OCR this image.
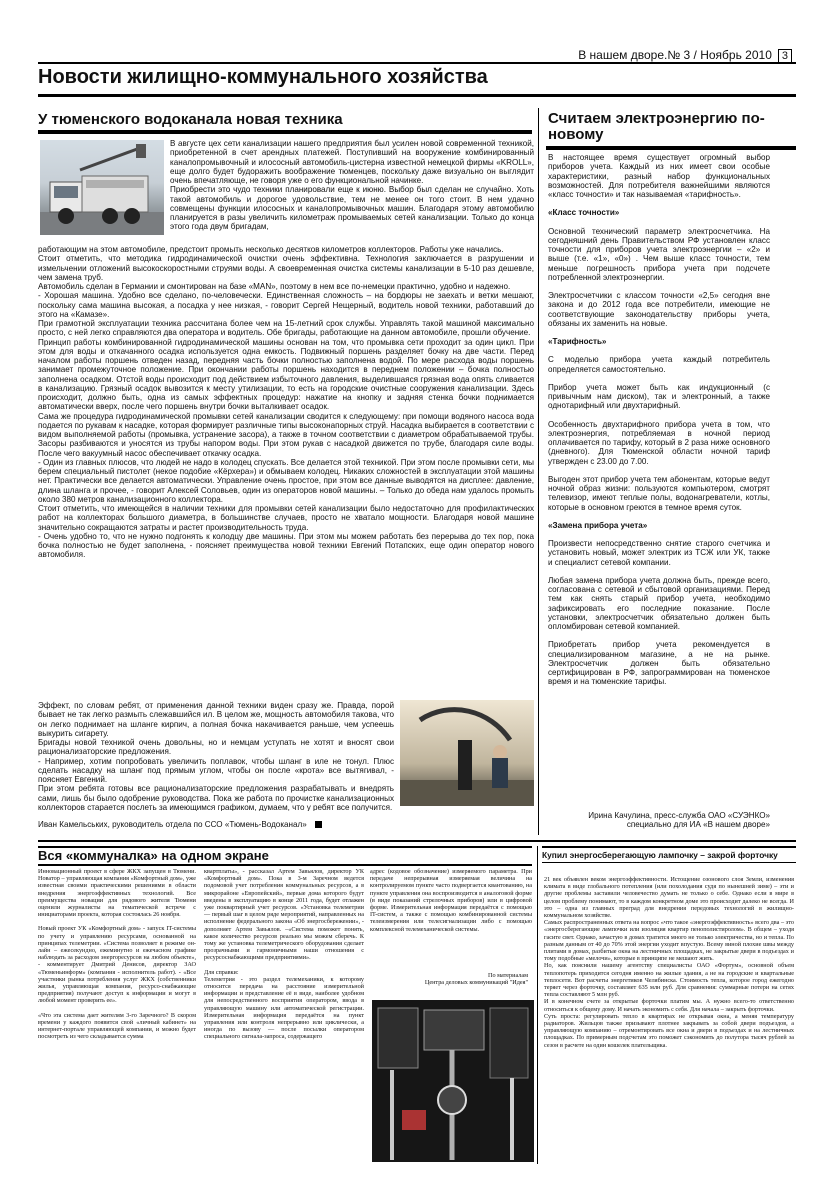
В нашем дворе.№ 3 / Ноябрь 2010 3
Новости жилищно-коммунального хозяйства
У тюменского водоканала новая техника

В августе цех сети канализации нашего предприятия был усилен новой современной техникой, приобретенной в счет арендных платежей. Поступивший на вооружение комбинированный каналопромывочный и илососный автомобиль-цистерна известной немецкой фирмы «KROLL», еще долго будет будоражить воображение тюменцев, поскольку даже визуально он выглядит очень впечатляюще, не говоря уже о его функциональной начинке.

Приобрести это чудо техники планировали еще к июню. Выбор был сделан не случайно. Хоть такой автомобиль и дорогое удовольствие, тем не менее он того стоит. В нем удачно совмещены функции илососных и каналопромывочных машин. Благодаря этому автомобилю планируется в разы увеличить километраж промываемых сетей канализации. Только до конца этого года двум бригадам,

работающим на этом автомобиле, предстоит промыть несколько десятков километров коллекторов. Работы уже начались.

Стоит отметить, что методика гидродинамической очистки очень эффективна. Технология заключается в разрушении и измельчении отложений высокоскоростными струями воды. А своевременная очистка системы канализации в 5-10 раз дешевле, чем замена труб.

Автомобиль сделан в Германии и смонтирован на базе «MAN», поэтому в нем все по-немецки практично, удобно и надежно.

- Хорошая машина. Удобно все сделано, по-человечески. Единственная сложность – на бордюры не заехать и ветки мешают, поскольку сама машина высокая, а посадка у нее низкая, - говорит Сергей Нещерный, водитель новой техники, работавший до этого на «Камазе».

При грамотной эксплуатации техника рассчитана более чем на 15-летний срок службы. Управлять такой машиной максимально просто, с ней легко справляются два оператора и водитель. Обе бригады, работающие на данном автомобиле, прошли обучение.

Принцип работы комбинированной гидродинамической машины основан на том, что промывка сети проходит за один цикл. При этом для воды и откачанного осадка используется одна емкость. Подвижный поршень разделяет бочку на две части. Перед началом работы поршень отведен назад, передняя часть бочки полностью заполнена водой. По мере расхода воды поршень занимает промежуточное положение. При окончании работы поршень находится в переднем положении – бочка полностью заполнена осадком. Отстой воды происходит под действием избыточного давления, выделившаяся грязная вода опять сливается в канализацию. Грязный осадок вывозится к месту утилизации, то есть на городские очистные сооружения канализации. Здесь происходит, должно быть, одна из самых эффектных процедур: нажатие на кнопку и задняя стенка бочки поднимается автоматически вверх, после чего поршень внутри бочки выталкивает осадок.

Сама же процедура гидродинамической промывки сетей канализации сводится к следующему: при помощи водяного насоса вода подается по рукавам к насадке, которая формирует различные типы высоконапорных струй. Насадка выбирается в соответствии с видом выполняемой работы (промывка, устранение засора), а также в точном соответствии с диаметром обрабатываемой трубы. Засоры разбиваются и уносятся из трубы напором воды. При этом рукав с насадкой движется по трубе, благодаря силе воды. После чего вакуумный насос обеспечивает откачку осадка.

- Один из главных плюсов, что людей не надо в колодец спускать. Все делается этой техникой. При этом после промывки сети, мы берем специальный пистолет (некое подобие «Кёрхера») и обмываем колодец. Никаких сложностей в эксплуатации этой машины нет. Практически все делается автоматически. Управление очень простое, при этом все данные выводятся на дисплее: давление, длина шланга и прочее, - говорит Алексей Соловьев, один из операторов новой машины. – Только до обеда нам удалось промыть около 380 метров канализационного коллектора.

Стоит отметить, что имеющейся в наличии техники для промывки сетей канализации было недостаточно для профилактических работ на коллекторах большого диаметра, в большинстве случаев, просто не хватало мощности. Благодаря новой машине значительно сокращаются затраты и растет производительность труда.

- Очень удобно то, что не нужно подгонять к колодцу две машины. При этом мы можем работать без перерыва до тех пор, пока бочка полностью не будет заполнена, - поясняет преимущества новой техники Евгений Потапских, еще один оператор нового автомобиля.

Эффект, по словам ребят, от применения данной техники виден сразу же. Правда, порой бывает не так легко размыть слежавшийся ил. В целом же, мощность автомобиля такова, что он легко поднимает на шланге кирпич, а полная бочка накачивается раньше, чем успеешь выкурить сигарету.

Бригады новой техникой очень довольны, но и немцам уступать не хотят и вносят свои рационализаторские предложения.

- Например, хотим попробовать увеличить поплавок, чтобы шланг в иле не тонул. Плюс сделать насадку на шланг под прямым углом, чтобы он после «крота» все вытягивал, - поясняет Евгений.

При этом ребята готовы все рационализаторские предложения разрабатывать и внедрять сами, лишь бы было одобрение руководства. Пока же работа по прочистке канализационных коллекторов старается послеть за имеющимся графиком, думаем, что у ребят все получится.

Иван Камельських, руководитель отдела по ССО «Тюмень-Водоканал»
Считаем электроэнергию по-новому

В настоящее время существует огромный выбор приборов учета. Каждый из них имеет свои особые характеристики, разный набор функциональных возможностей. Для потребителя важнейшими являются «класс точности» и так называемая «тарифность».

«Класс точности»

Основной технический параметр электросчетчика. На сегодняшний день Правительством РФ установлен класс точности для приборов учета электроэнергии – «2» и выше (т.е. «1», «0») . Чем выше класс точности, тем меньше погрешность прибора учета при подсчете потребленной электроэнергии.

Электросчетчики с классом точности «2,5» сегодня вне закона и до 2012 года все потребители, имеющие не соответствующие законодательству приборы учета, обязаны их заменить на новые.

«Тарифность»

С моделью прибора учета каждый потребитель определяется самостоятельно.

Прибор учета может быть как индукционный (с привычным нам диском), так и электронный, а также однотарифный или двухтарифный.

Особенность двухтарифного прибора учета в том, что электроэнергия, потребляемая в ночной период оплачивается по тарифу, который в 2 раза ниже основного (дневного). Для Тюменской области ночной тариф утвержден с 23.00 до 7.00.

Выгоден этот прибор учета тем абонентам, которые ведут ночной образ жизни: пользуются компьютером, смотрят телевизор, имеют теплые полы, водонагреватели, котлы, которые в основном греются в темное время суток.

«Замена прибора учета»

Произвести непосредственно снятие старого счетчика и установить новый, может электрик из ТСЖ или УК, также и специалист сетевой компании.

Любая замена прибора учета должна быть, прежде всего, согласована с сетевой и сбытовой организациями. Перед тем как снять старый прибор учета, необходимо зафиксировать его последние показание. После установки, электросчетчик обязательно должен быть опломбирован сетевой компанией.

Приобретать прибор учета рекомендуется в специализированном магазине, а не на рынке. Электросчетчик должен быть обязательно сертифицирован в РФ, запрограммирован на тюменское время и на тюменские тарифы.

Ирина Качулина, пресс-служба ОАО «СУЭНКО»
специально для ИА «В нашем дворе»
Вся «коммуналка» на одном экране

Инновационный проект в сфере ЖКХ запущен в Тюмени. Новатор – управляющая компания «Комфортный дом», уже известная своими практическими решениями в области внедрения энергоэффективных технологий. Все преимущества новации для рядового жителя Тюмени оценили журналисты на тематической встрече с инициаторами проекта, которая состоялась 26 ноября.

Новый проект УК «Комфортный дом» - запуск IT-системы по учету и управлению ресурсами, основанной на принципах телеметрии. «Система позволяет в режиме он-лайн – ежесекундно, ежеминутно и ежечасном графике наблюдать за расходом энергоресурсов на любом объекте», - комментирует Дмитрий Денисов, директор ЗАО «Тюменьинформ» (компания - исполнитель работ). - «Все участники рынка потребления услуг ЖКХ (собственники жилья, управляющая компания, ресурсо-снабжающие предприятия) получают доступ к информации и могут в любой момент проверить ее».

«Что эта система дает жителям 3-го Заречного? В скором времени у каждого появится свой «личный кабинет» на интернет-портале управляющей компании, и можно будет посмотреть из чего складывается сумма

квартплаты», - рассказал Артем Завьялов, директор УК «Комфортный дом». Пока в 3-м Заречном ведется подомовой учет потребления коммунальных ресурсов, а в микрорайоне «Европейский», первые дома которого будут введены в эксплуатацию в конце 2011 года, будет отлажен уже поквартирный учет ресурсов. «Установка телеметрии — первый шаг в целом ряде мероприятий, направленных на исполнение федерального закона «Об энергосбережении», - дополняет Артем Завьялов. –«Система поможет понять, какое количество ресурсов реально мы можем сберечь. К тому же установка телеметрического оборудования сделает прозрачными и гармоничными наши отношения с ресурсоснабжающими предприятиями».

Для справки:

Телеметрия - это раздел телемеханики, к которому относится передача на расстояние измерительной информации и представление её в виде, наиболее удобном для непосредственного восприятия оператором, ввода в управляющую машину или автоматической регистрации. Измерительная информация передаётся на пункт управления или контроля непрерывно или циклически, а иногда по вызову — после посылки оператором специального сигнала-запроса, содержащего

адрес (кодовое обозначение) измеряемого параметра. При передаче непрерывная измеряемая величина на контролируемом пункте часто подвергается квантованию, на пункте управления она воспроизводится в аналоговой форме (в виде показаний стрелочных приборов) или в цифровой форме. Измерительная информация передаётся с помощью IT-систем, а также с помощью комбинированной системы телеизмерения или телесигнализации либо с помощью комплексной телемеханической системы.

По материалам
Центра деловых коммуникаций "Идея"
Купил энергосберегающую лампочку – закрой форточку

21 век объявлен веком энергоэффективности. Истощение озонового слоя Земли, изменения климата в виде глобального потепления (или похолодания судя по нынешней зиме) – эти и другие проблемы заставили человечество думать не только о себе. Однако если в мире в целом проблему понимают, то в каждом конкретном доме это происходит далеко не всегда. И это – одна из главных преград для внедрения передовых технологий в жилищно-коммунальном хозяйстве.

Самых распространенных ответа на вопрос «что такое «энергоэффективность» всего два – это «энергосберегающие лампочки или изоляция квартир пенополистиролом». В общем – уходя гасите свет. Однако, зачастую в домах тратится много не только электричества, но и тепла. По разным данным от 40 до 70% этой энергии уходит впустую. Всему виной плохие швы между плитами в домах, разбитые окна на лестничных площадках, не закрытые двери в подъездах и тому подобные «мелочи», которые в принципе не мешают жить.

Но, как пояснили нашему агентству специалисты ОАО «Фортум», основной объем теплопотерь приходится сегодня именно на жилые здания, а не на городские и квартальные теплосети. Вот расчеты энергетиков Челябинска. Стоимость тепла, которое город ежегодно теряет через форточку, составляет 635 млн руб. Для сравнения: суммарные потери на сетях тепла составляют 5 млн руб.

И в конечном счете за открытые форточки платим мы. А нужно всего-то ответственно относиться к общему дому. И начать экономить с себя. Для начала – закрыть форточки.

Суть проста: регулировать тепло в квартирах не открывая окна, а меняя температуру радиаторов. Жильцов также призывают плотнее закрывать за собой двери подъездов, а управляющую компанию – отремонтировать все окна и двери в подъездах и на лестничных площадках. По примерным подсчетам это поможет сэкономить до полутора тысяч рублей за сезон в расчете на один кошелек плательщика.
